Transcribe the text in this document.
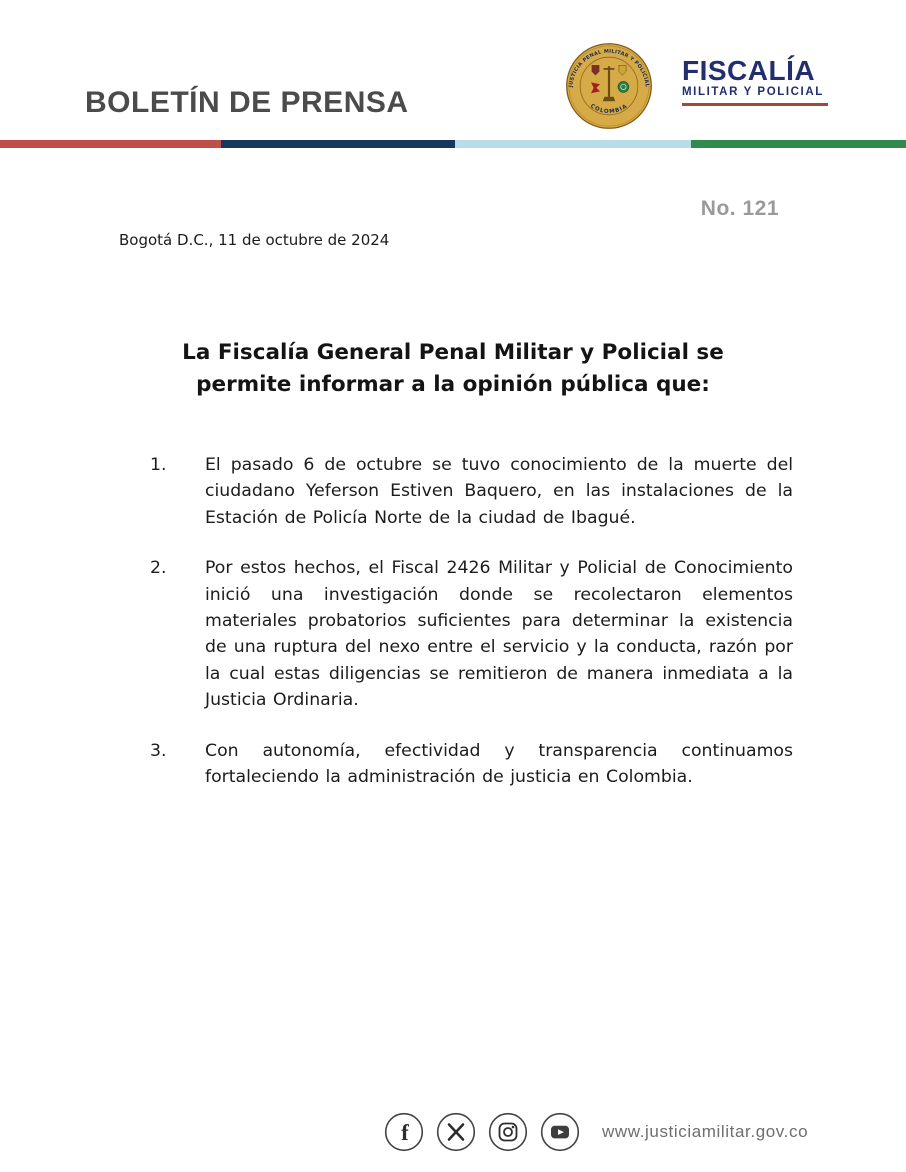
BOLETÍN DE PRENSA	JUSTICIA PENAL MILITAR Y POLICIAL
COLOMBIA
FISCALÍA
MILITAR Y POLICIAL
No. 121
Bogotá D.C., 11 de octubre de 2024
La Fiscalía General Penal Militar y Policial se permite informar a la opinión pública que:
1.	El pasado 6 de octubre se tuvo conocimiento de la muerte del ciudadano Yeferson Estiven Baquero, en las instalaciones de la Estación de Policía Norte de la ciudad de Ibagué.
2.	Por estos hechos, el Fiscal 2426 Militar y Policial de Conocimiento inició una investigación donde se recolectaron elementos materiales probatorios suficientes para determinar la existencia de una ruptura del nexo entre el servicio y la conducta, razón por la cual estas diligencias se remitieron de manera inmediata a la Justicia Ordinaria.
3.	Con autonomía, efectividad y transparencia continuamos fortaleciendo la administración de justicia en Colombia.
f	www.justiciamilitar.gov.co
